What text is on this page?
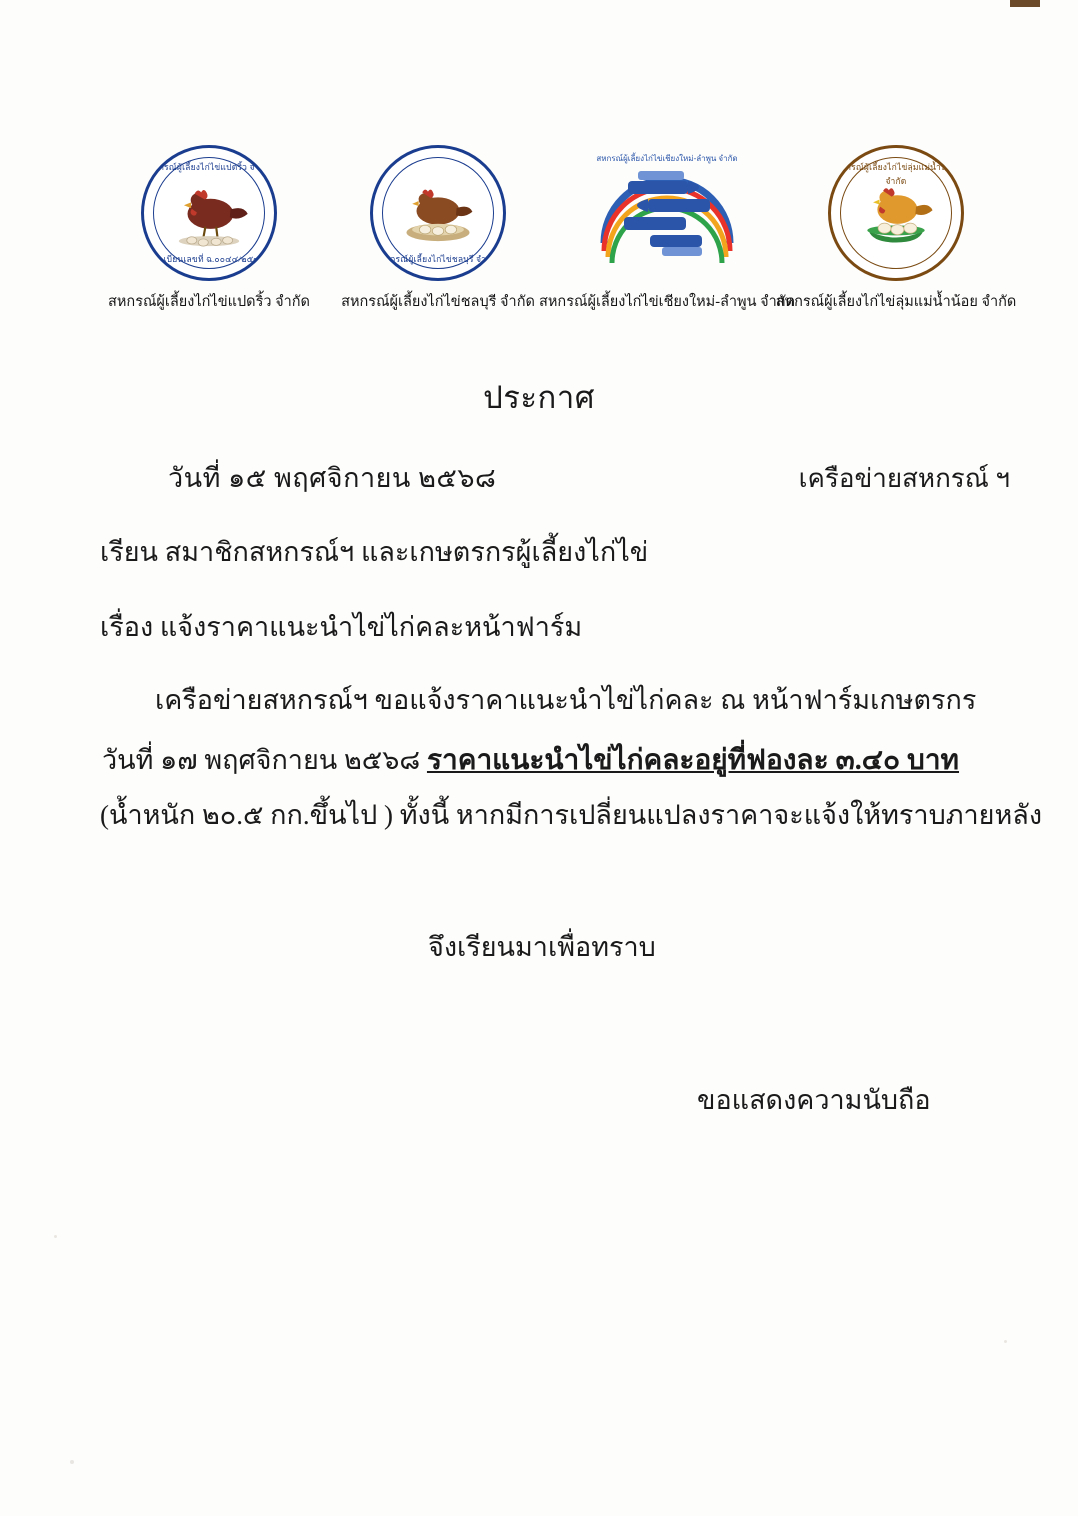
สหกรณ์ผู้เลี้ยงไก่ไข่แปดริ้ว จำกัด
ทะเบียนเลขที่ ฉ.๐๐๔๔/๒๕๓๖
สหกรณ์ผู้เลี้ยงไก่ไข่แปดริ้ว จำกัด
สหกรณ์ผู้เลี้ยงไก่ไข่ชลบุรี จำกัด
สหกรณ์ผู้เลี้ยงไก่ไข่ชลบุรี จำกัด
สหกรณ์ผู้เลี้ยงไก่ไข่เชียงใหม่-ลำพูน จำกัด
สหกรณ์ผู้เลี้ยงไก่ไข่เชียงใหม่-ลำพูน จำกัด
สหกรณ์ผู้เลี้ยงไก่ไข่ลุ่มแม่น้ำน้อย จำกัด
สหกรณ์ผู้เลี้ยงไก่ไข่ลุ่มแม่น้ำน้อย จำกัด
ประกาศ
วันที่ ๑๕ พฤศจิกายน ๒๕๖๘	เครือข่ายสหกรณ์ ฯ
เรียน สมาชิกสหกรณ์ฯ และเกษตรกรผู้เลี้ยงไก่ไข่
เรื่อง แจ้งราคาแนะนำไข่ไก่คละหน้าฟาร์ม
เครือข่ายสหกรณ์ฯ ขอแจ้งราคาแนะนำไข่ไก่คละ ณ หน้าฟาร์มเกษตรกร
วันที่ ๑๗ พฤศจิกายน ๒๕๖๘ ราคาแนะนำไข่ไก่คละอยู่ที่ฟองละ ๓.๔๐ บาท
(น้ำหนัก ๒๐.๕ กก.ขึ้นไป ) ทั้งนี้ หากมีการเปลี่ยนแปลงราคาจะแจ้งให้ทราบภายหลัง
จึงเรียนมาเพื่อทราบ
ขอแสดงความนับถือ
